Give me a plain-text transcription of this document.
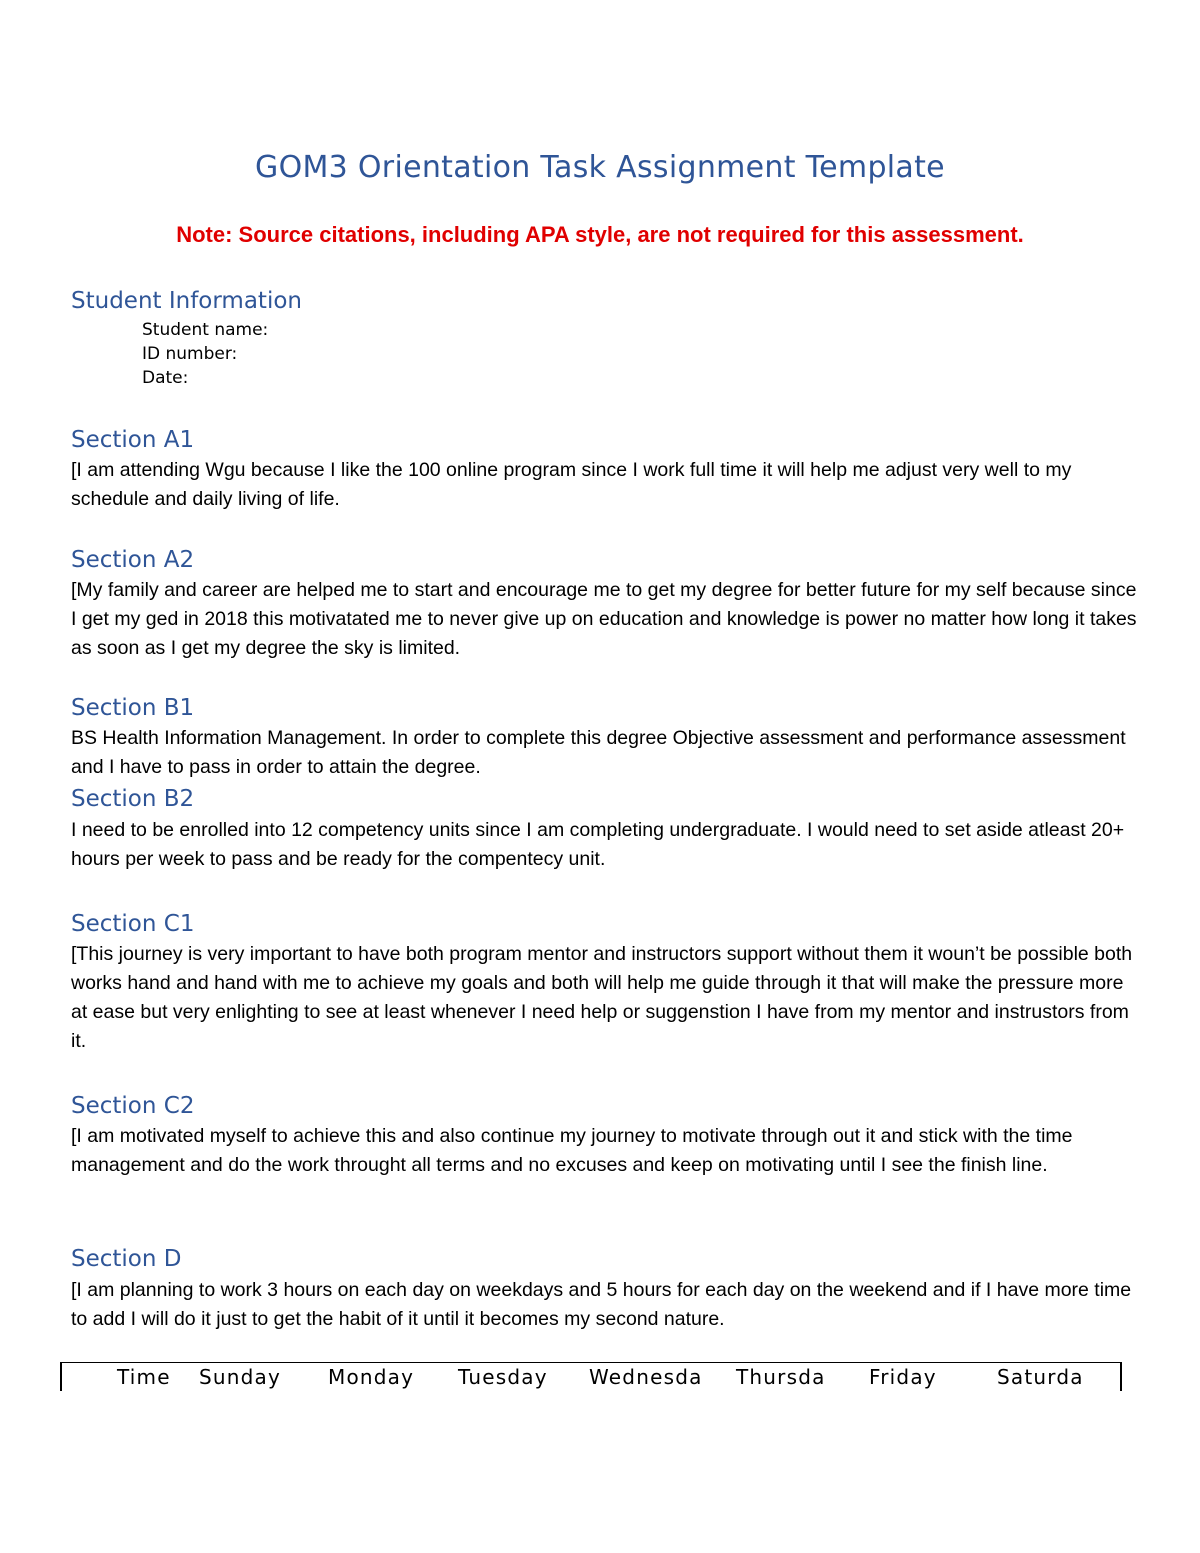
GOM3 Orientation Task Assignment Template
Note: Source citations, including APA style, are not required for this assessment.
Student Information
Student name:
ID number:
Date:
Section A1
[I am attending Wgu because I like the 100 online program since I work full time it will help me adjust very well to my schedule and daily living of life.
Section A2
[My family and career are helped me to start and encourage me to get my degree for better future for my self because since I get my ged in 2018 this motivatated me to never give up on education and knowledge is power no matter how long it takes as soon as I get my degree the sky is limited.
Section B1
BS Health Information Management. In order to complete this degree Objective assessment and performance assessment and I have to pass in order to attain the degree.
Section B2
I need to be enrolled into 12 competency units since I am completing undergraduate. I would need to set aside atleast 20+ hours per week to pass and be ready for the compentecy unit.
Section C1
[This journey is very important to have both program mentor and instructors support without them it woun’t be possible both works hand and hand with me to achieve my goals and both will help me guide through it that will make the pressure more at ease but very enlighting to see at least whenever I need help or suggenstion I have from my mentor and instrustors from it.
Section C2
[I am motivated myself to achieve this and also continue my journey to motivate through out it and stick with the time management and do the work throught all terms and no excuses and keep on motivating until I see the finish line.
Section D
[I am planning to work 3 hours on each day on weekdays and 5 hours for each day on the weekend and if I have more time to add I will do it just to get the habit of it until it becomes my second nature.
Time Sunday Monday Tuesday Wednesda Thursda Friday	Saturda
